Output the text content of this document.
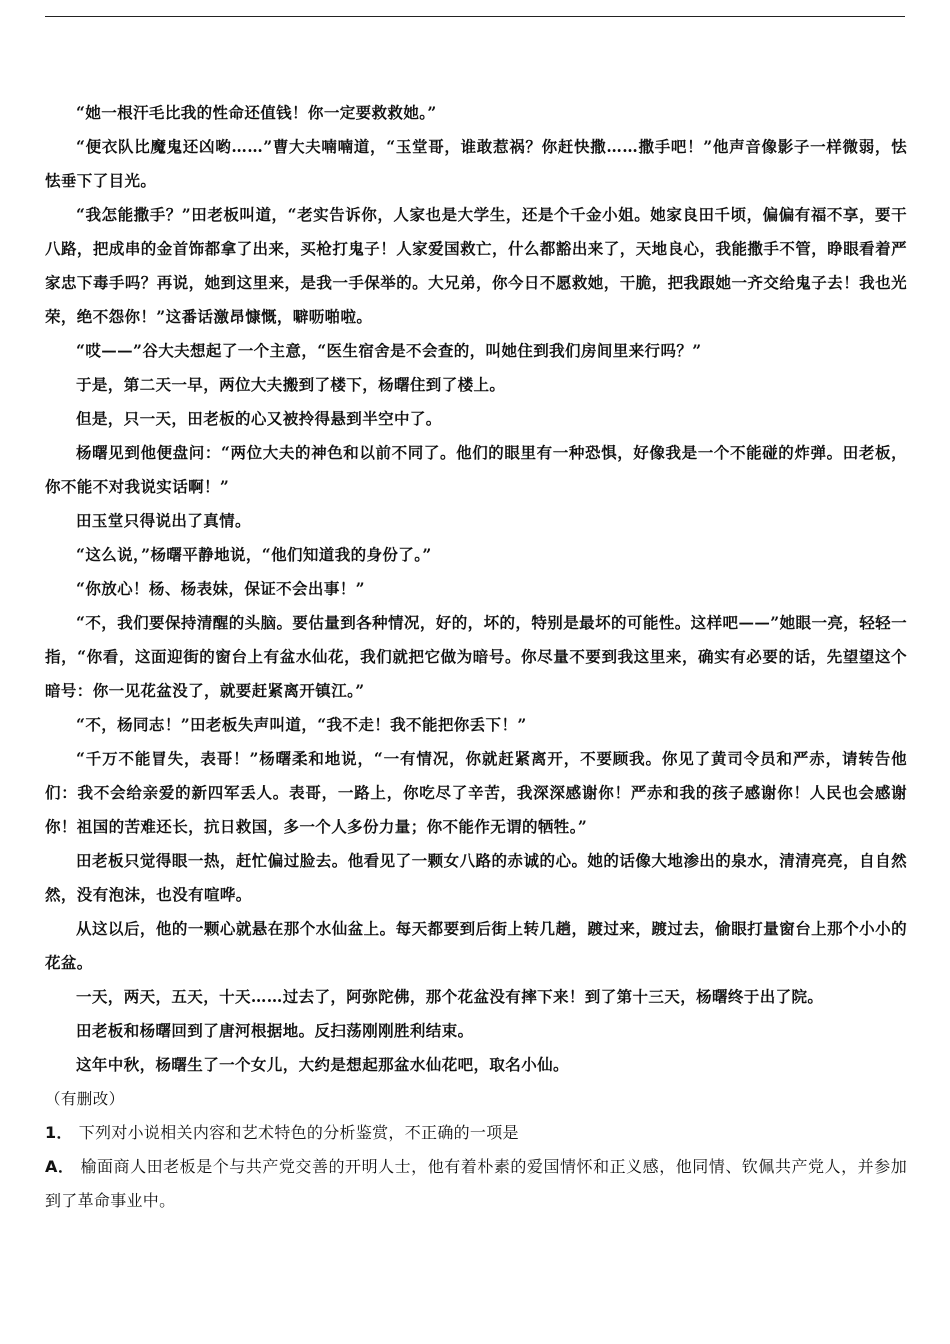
“她一根汗毛比我的性命还值钱！你一定要救救她。”

“便衣队比魔鬼还凶哟……”曹大夫喃喃道，“玉堂哥，谁敢惹祸？你赶快撒……撒手吧！”他声音像影子一样微弱，怯怯垂下了目光。

“我怎能撒手？”田老板叫道，“老实告诉你，人家也是大学生，还是个千金小姐。她家良田千顷，偏偏有福不享，要干八路，把成串的金首饰都拿了出来，买枪打鬼子！人家爱国救亡，什么都豁出来了，天地良心，我能撒手不管，睁眼看着严家忠下毒手吗？再说，她到这里来，是我一手保举的。大兄弟，你今日不愿救她，干脆，把我跟她一齐交给鬼子去！我也光荣，绝不怨你！”这番话激昂慷慨，噼呖啪啦。

“哎——”谷大夫想起了一个主意，“医生宿舍是不会查的，叫她住到我们房间里来行吗？”

于是，第二天一早，两位大夫搬到了楼下，杨曙住到了楼上。

但是，只一天，田老板的心又被拎得悬到半空中了。

杨曙见到他便盘问：“两位大夫的神色和以前不同了。他们的眼里有一种恐惧，好像我是一个不能碰的炸弹。田老板，你不能不对我说实话啊！”

田玉堂只得说出了真情。

“这么说，”杨曙平静地说，“他们知道我的身份了。”

“你放心！杨、杨表妹，保证不会出事！”

“不，我们要保持清醒的头脑。要估量到各种情况，好的，坏的，特别是最坏的可能性。这样吧——”她眼一亮，轻轻一指，“你看，这面迎街的窗台上有盆水仙花，我们就把它做为暗号。你尽量不要到我这里来，确实有必要的话，先望望这个暗号：你一见花盆没了，就要赶紧离开镇江。”

“不，杨同志！”田老板失声叫道，“我不走！我不能把你丢下！”

“千万不能冒失，表哥！”杨曙柔和地说，“一有情况，你就赶紧离开，不要顾我。你见了黄司令员和严赤，请转告他们：我不会给亲爱的新四军丢人。表哥，一路上，你吃尽了辛苦，我深深感谢你！严赤和我的孩子感谢你！人民也会感谢你！祖国的苦难还长，抗日救国，多一个人多份力量；你不能作无谓的牺牲。”

田老板只觉得眼一热，赶忙偏过脸去。他看见了一颗女八路的赤诚的心。她的话像大地渗出的泉水，清清亮亮，自自然然，没有泡沫，也没有喧哗。

从这以后，他的一颗心就悬在那个水仙盆上。每天都要到后街上转几趟，踱过来，踱过去，偷眼打量窗台上那个小小的花盆。

一天，两天，五天，十天……过去了，阿弥陀佛，那个花盆没有摔下来！到了第十三天，杨曙终于出了院。

田老板和杨曙回到了唐河根据地。反扫荡刚刚胜利结束。

这年中秋，杨曙生了一个女儿，大约是想起那盆水仙花吧，取名小仙。

（有删改）

1． 下列对小说相关内容和艺术特色的分析鉴赏，不正确的一项是

A． 榆面商人田老板是个与共产党交善的开明人士，他有着朴素的爱国情怀和正义感，他同情、钦佩共产党人，并参加到了革命事业中。
